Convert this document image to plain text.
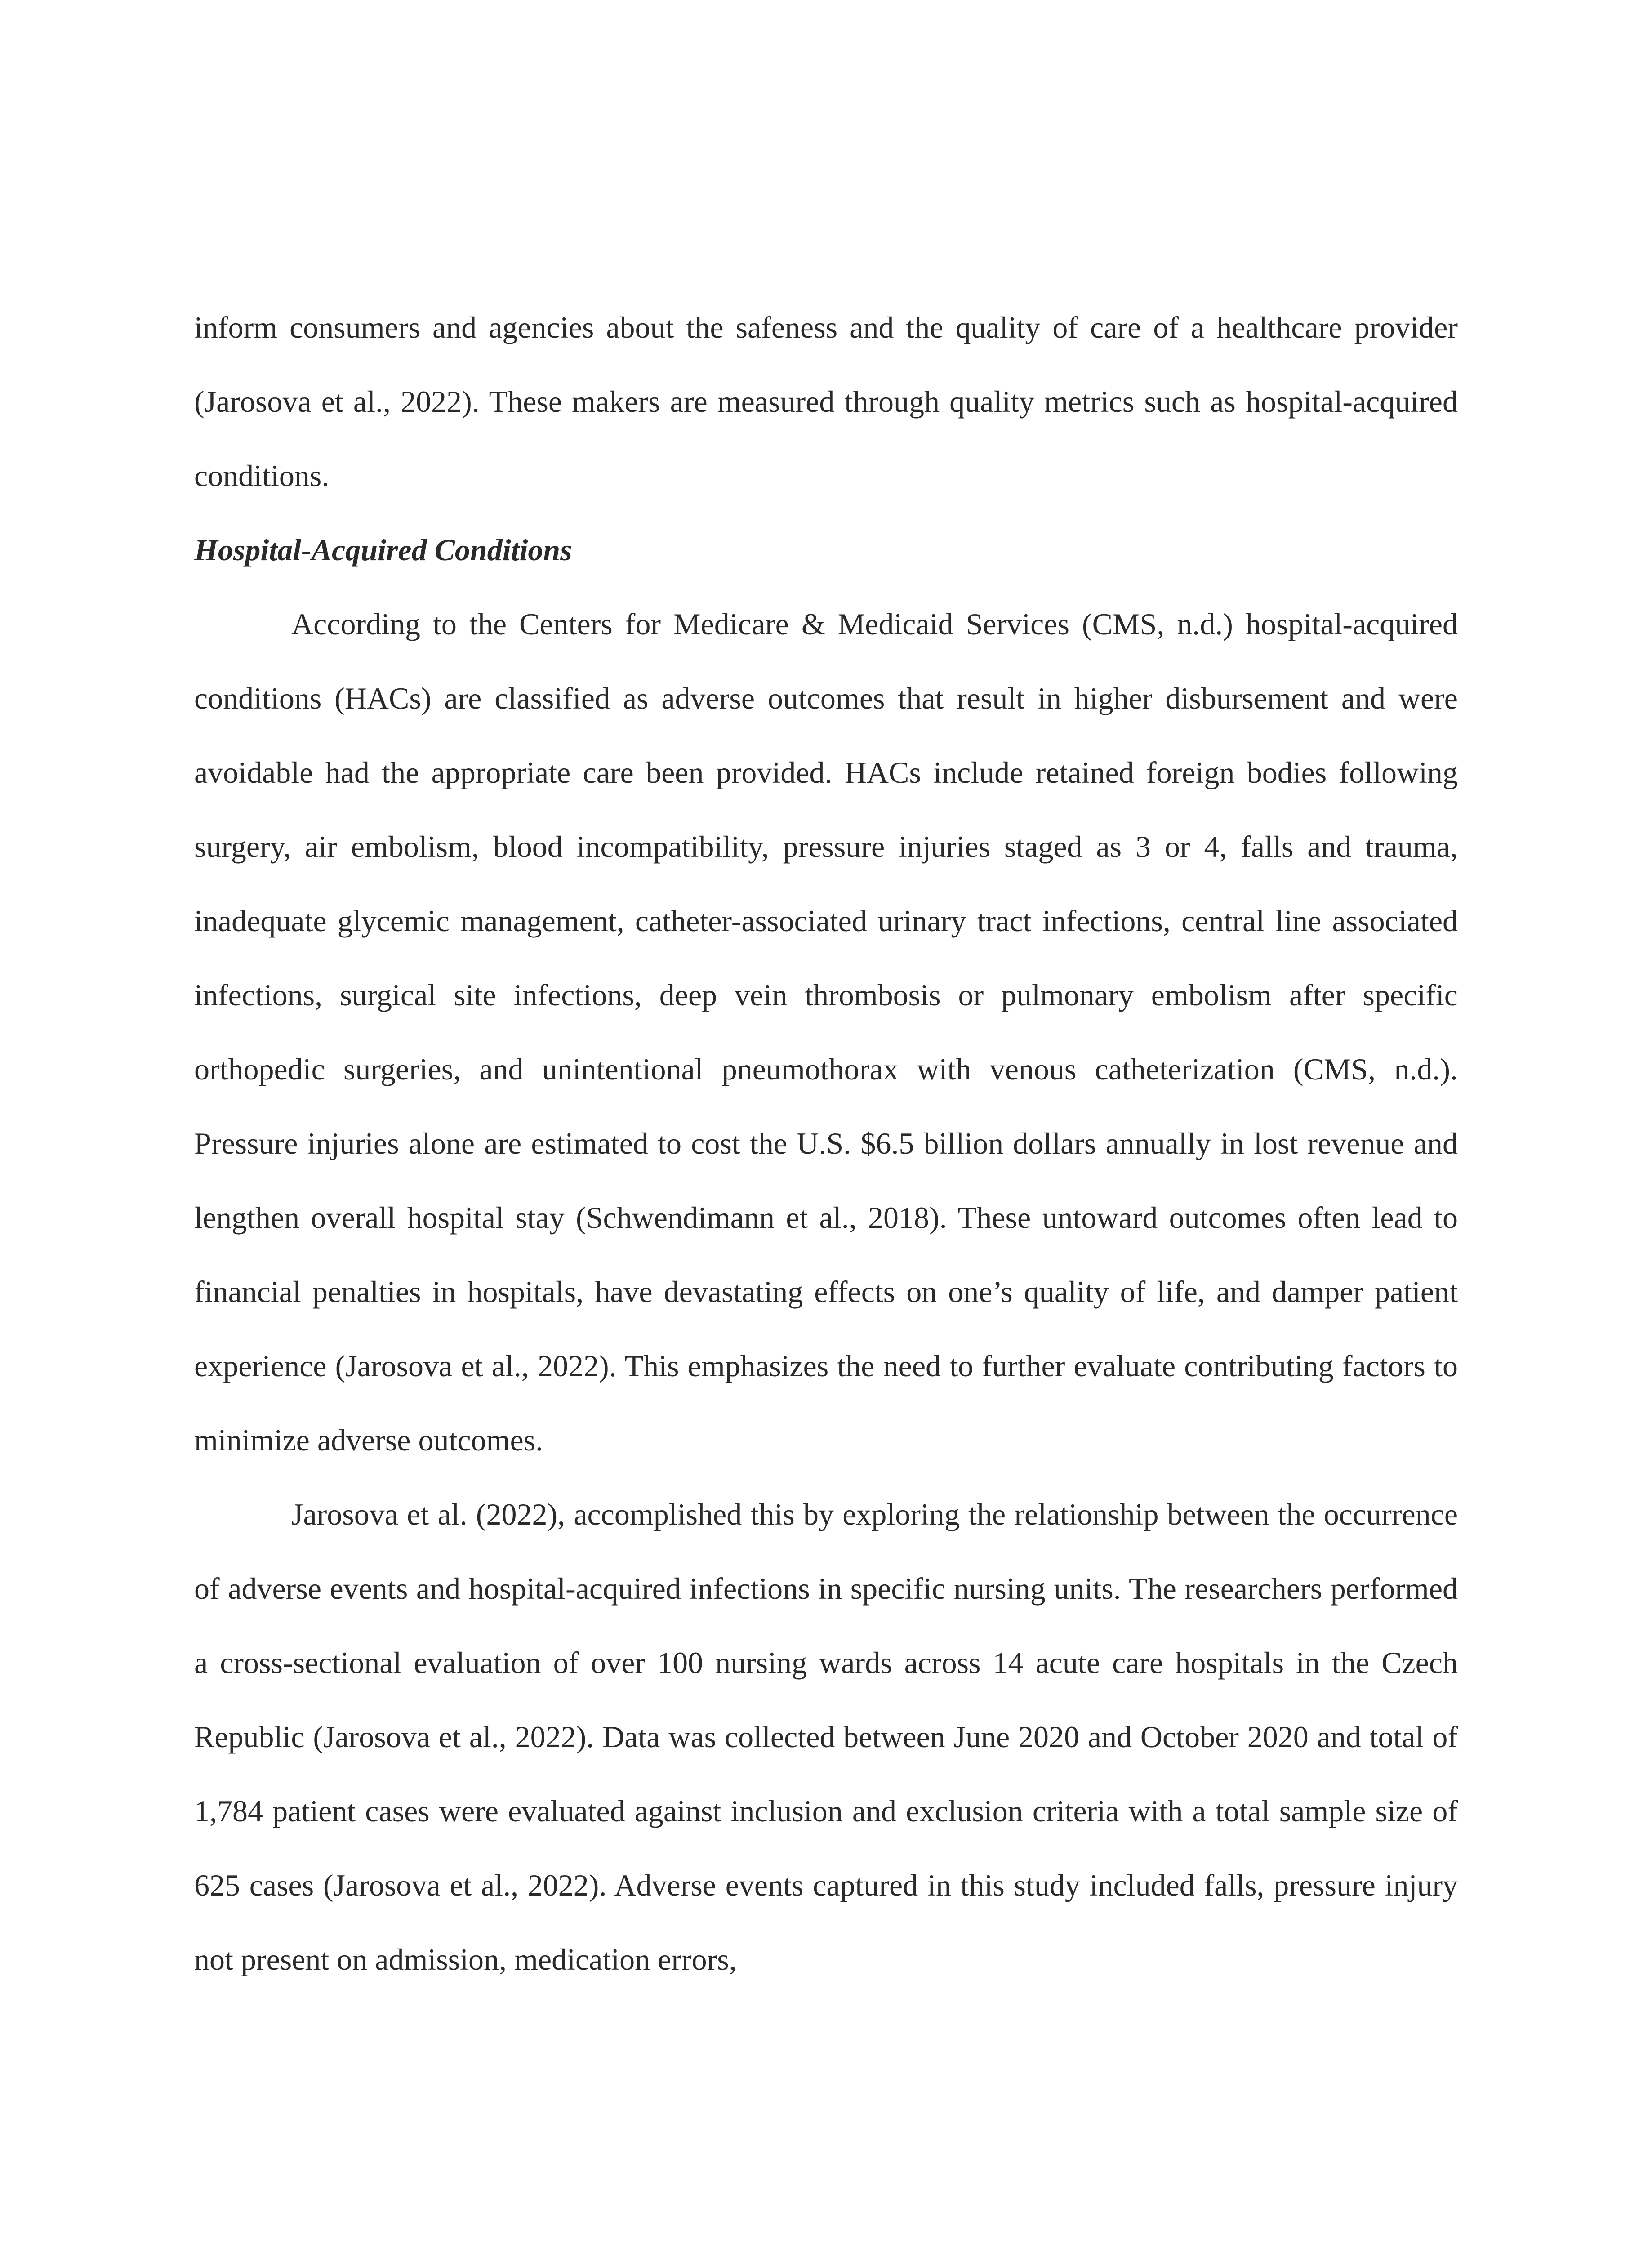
inform consumers and agencies about the safeness and the quality of care of a healthcare provider (Jarosova et al., 2022). These makers are measured through quality metrics such as hospital-acquired conditions.

Hospital-Acquired Conditions

According to the Centers for Medicare & Medicaid Services (CMS, n.d.) hospital-acquired conditions (HACs) are classified as adverse outcomes that result in higher disbursement and were avoidable had the appropriate care been provided. HACs include retained foreign bodies following surgery, air embolism, blood incompatibility, pressure injuries staged as 3 or 4, falls and trauma, inadequate glycemic management, catheter-associated urinary tract infections, central line associated infections, surgical site infections, deep vein thrombosis or pulmonary embolism after specific orthopedic surgeries, and unintentional pneumothorax with venous catheterization (CMS, n.d.). Pressure injuries alone are estimated to cost the U.S. $6.5 billion dollars annually in lost revenue and lengthen overall hospital stay (Schwendimann et al., 2018). These untoward outcomes often lead to financial penalties in hospitals, have devastating effects on one’s quality of life, and damper patient experience (Jarosova et al., 2022). This emphasizes the need to further evaluate contributing factors to minimize adverse outcomes.

Jarosova et al. (2022), accomplished this by exploring the relationship between the occurrence of adverse events and hospital-acquired infections in specific nursing units. The researchers performed a cross-sectional evaluation of over 100 nursing wards across 14 acute care hospitals in the Czech Republic (Jarosova et al., 2022). Data was collected between June 2020 and October 2020 and total of 1,784 patient cases were evaluated against inclusion and exclusion criteria with a total sample size of 625 cases (Jarosova et al., 2022). Adverse events captured in this study included falls, pressure injury not present on admission, medication errors,
